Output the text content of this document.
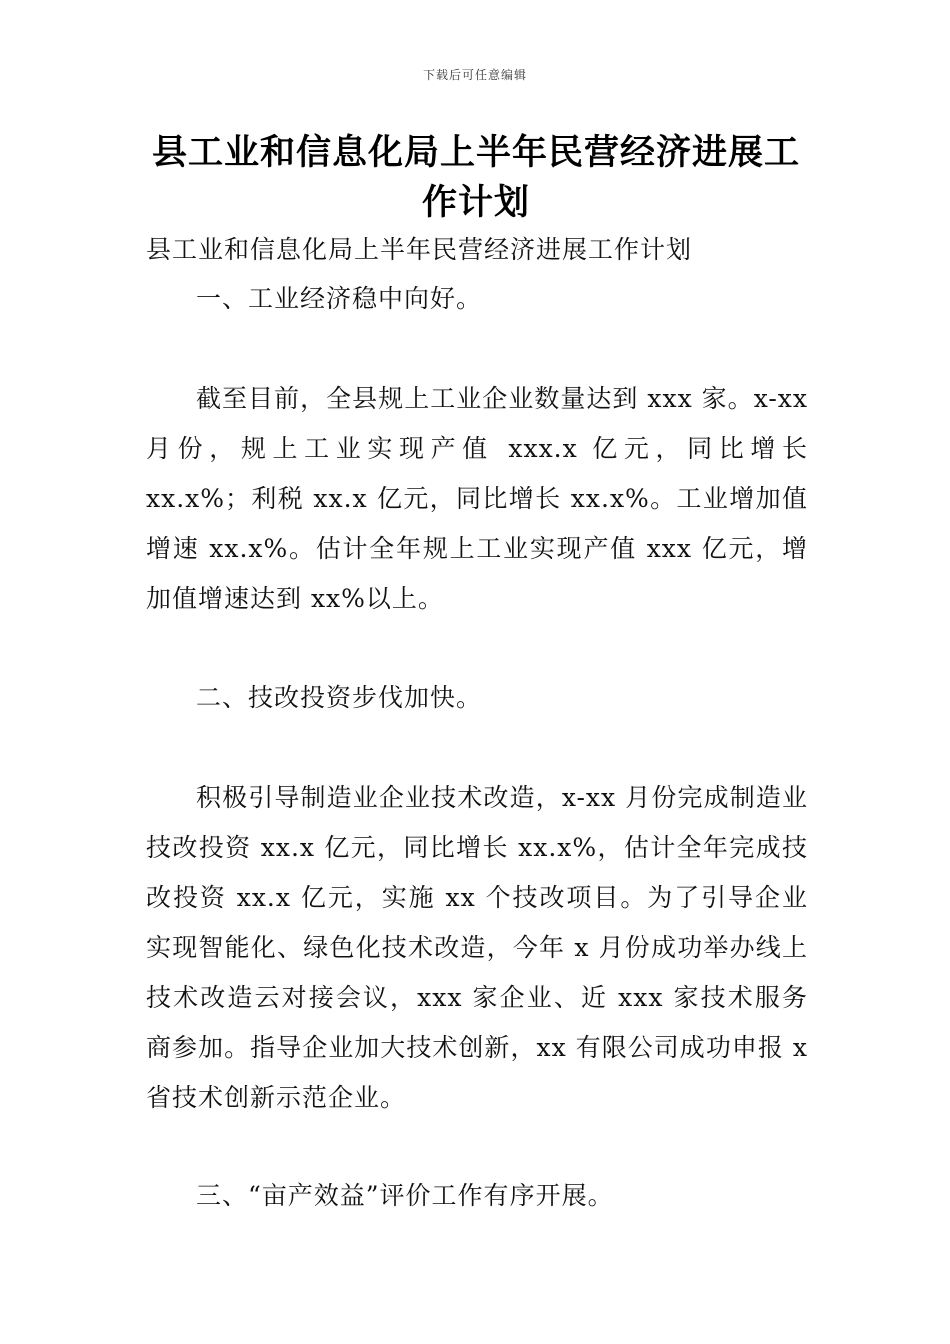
下载后可任意编辑
县工业和信息化局上半年民营经济进展工作计划
县工业和信息化局上半年民营经济进展工作计划
一、工业经济稳中向好。
截至目前，全县规上工业企业数量达到 xxx 家。x-xx 月份，规上工业实现产值 xxx.x 亿元，同比增长 xx.x%；利税 xx.x 亿元，同比增长 xx.x%。工业增加值增速 xx.x%。估计全年规上工业实现产值 xxx 亿元，增加值增速达到 xx%以上。
二、技改投资步伐加快。
积极引导制造业企业技术改造，x-xx 月份完成制造业技改投资 xx.x 亿元，同比增长 xx.x%，估计全年完成技改投资 xx.x 亿元，实施 xx 个技改项目。为了引导企业实现智能化、绿色化技术改造，今年 x 月份成功举办线上技术改造云对接会议，xxx 家企业、近 xxx 家技术服务商参加。指导企业加大技术创新，xx 有限公司成功申报 x 省技术创新示范企业。
三、“亩产效益”评价工作有序开展。
